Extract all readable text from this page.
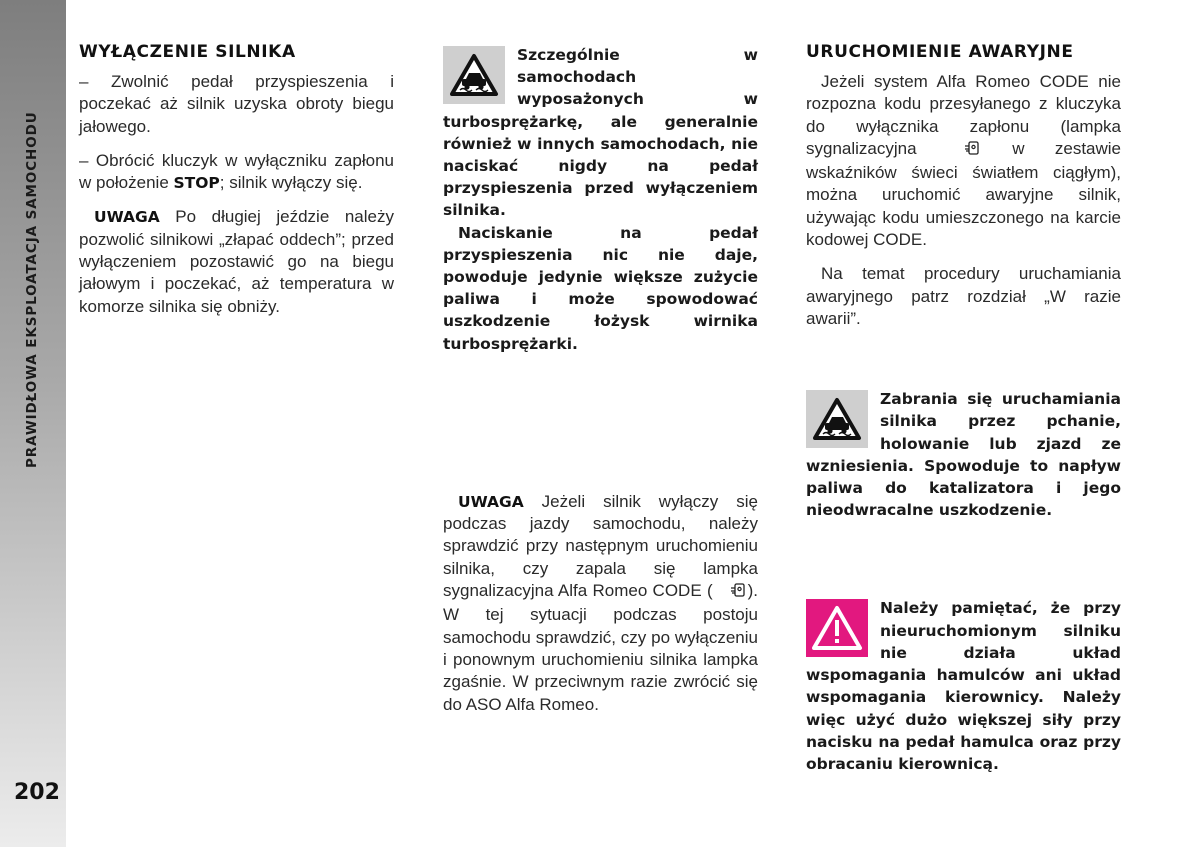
PRAWIDŁOWA EKSPLOATACJA SAMOCHODU
202
WYŁĄCZENIE SILNIKA

– Zwolnić pedał przyspieszenia i poczekać aż silnik uzyska obroty biegu jałowego.

– Obrócić kluczyk w wyłączniku zapłonu w położenie STOP; silnik wyłączy się.

UWAGA Po długiej jeździe należy pozwolić silnikowi „złapać oddech”; przed wyłączeniem pozostawić go na biegu jałowym i poczekać, aż temperatura w komorze silnika się obniży.

Szczególnie w samochodach wyposażonych w turbosprężarkę, ale generalnie również w innych samochodach, nie naciskać nigdy na pedał przyspieszenia przed wyłączeniem silnika.

Naciskanie na pedał przyspieszenia nic nie daje, powoduje jedynie większe zużycie paliwa i może spowodować uszkodzenie łożysk wirnika turbosprężarki.

UWAGA Jeżeli silnik wyłączy się podczas jazdy samochodu, należy sprawdzić przy następnym uruchomieniu silnika, czy zapala się lampka sygnalizacyjna Alfa Romeo CODE ( ). W tej sytuacji podczas postoju samochodu sprawdzić, czy po wyłączeniu i ponownym uruchomieniu silnika lampka zgaśnie. W przeciwnym razie zwrócić się do ASO Alfa Romeo.

URUCHOMIENIE AWARYJNE

Jeżeli system Alfa Romeo CODE nie rozpozna kodu przesyłanego z kluczyka do wyłącznika zapłonu (lampka sygnalizacyjna  w zestawie wskaźników świeci światłem ciągłym), można uruchomić awaryjne silnik, używając kodu umieszczonego na karcie kodowej CODE.

Na temat procedury uruchamiania awaryjnego patrz rozdział „W razie awarii”.

Zabrania się uruchamiania silnika przez pchanie, holowanie lub zjazd ze wzniesienia. Spowoduje to napływ paliwa do katalizatora i jego nieodwracalne uszkodzenie.

Należy pamiętać, że przy nieuruchomionym silniku nie działa układ wspomagania hamulców ani układ wspomagania kierownicy. Należy więc użyć dużo większej siły przy nacisku na pedał hamulca oraz przy obracaniu kierownicą.
